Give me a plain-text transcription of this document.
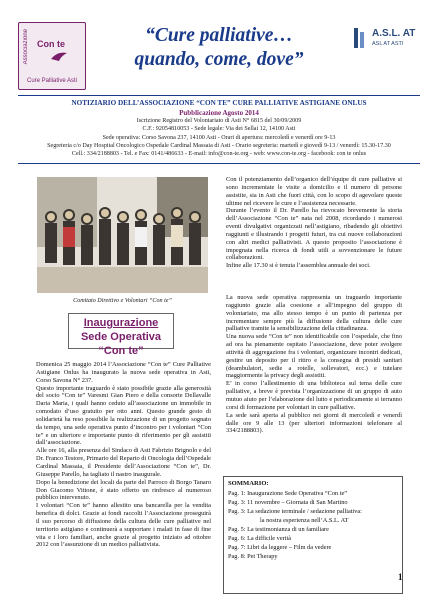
Associazione Con te
Cure Palliative Asti
“Cure palliative…
quando, come, dove”
A.S.L. AT
ASL AT ASTI
NOTIZIARIO DELL’ASSOCIAZIONE “CON TE” CURE PALLIATIVE ASTIGIANE ONLUS
Pubblicazione Agosto 2014
Iscrizione Registro del Volontariato di Asti N° 6815 del 30/09/2009
C.F.: 92054810053 - Sede legale: Via dei Sellai 12, 14100 Asti
Sede operativa: Corso Savona 237, 14100 Asti - Orari di apertura: mercoledì e venerdì ore 9-13
Segreteria c/o Day Hospital Oncologico Ospedale Cardinal Massaia di Asti - Orario segreteria: martedì e giovedì 9-13 / venerdì: 15.30-17.30
Cell.: 334/2188803 - Tel. e Fax: 0141/486633 - E-mail: info@con-te.org - web: www.con-te.org - facebook: con te onlus
Comitato Direttivo e Volontari “Con te”
Inaugurazione
Sede Operativa “Con te”

Domenica 25 maggio 2014 l’Associazione “Con te” Cure Palliative Astigiane Onlus ha inaugurato la nuova sede operativa in Asti, Corso Savona N° 237.

Questo importante traguardo è stato possibile grazie alla generosità del socio “Con te” Varesmi Gian Piero e della consorte Dellavalle Daria Maria, i quali hanno ceduto all’associazione un immobile in comodato d’uso gratuito per otto anni. Questo grande gesto di solidarietà ha reso possibile la realizzazione di un progetto sognato da tempo, una sede operativa punto d’incontro per i volontari “Con te” e un ulteriore e importante punto di riferimento per gli assistiti dall’associazione.

Alle ore 16, alla presenza del Sindaco di Asti Fabrizio Brignolo e del Dr. Franco Testore, Primario del Reparto di Oncologia dell’Ospedale Cardinal Massaia, il Presidente dell’Associazione “Con te”, Dr. Giuseppe Parello, ha tagliato il nastro inaugurale.

Dopo la benedizione dei locali da parte del Parroco di Borgo Tanaro Don Giacomo Vittone, è stato offerto un rinfresco al numeroso pubblico intervenuto.

I volontari “Con te” hanno allestito una bancarella per la vendita benefica di dolci. Grazie ai fondi raccolti l’Associazione proseguirà il suo percorso di diffusione della cultura delle cure palliative nel territorio astigiano e continuerà a supportare i malati in fase di fine vita e i loro familiari, anche grazie al progetto iniziato ad ottobre 2012 con l’assunzione di un medico palliativista.

Con il potenziamento dell’organico dell’équipe di cure palliative si sono incrementate le visite a domicilio e il numero di persone assistite, sia in Asti che fuori città, con lo scopo di agevolare queste ultime nel ricevere le cure e l’assistenza necessarie.

Durante l’evento il Dr. Parello ha rievocato brevemente la storia dell’Associazione “Con te” nata nel 2008, ricordando i numerosi eventi divulgativi organizzati nell’astigiano, ribadendo gli obiettivi raggiunti e illustrando i progetti futuri, tra cui nuove collaborazioni con altri medici palliativisti. A questo proposito l’associazione è impegnata nella ricerca di fondi utili a sovvenzionare le future collaborazioni.

Infine alle 17.30 si è tenuta l’assemblea annuale dei soci.

La nuova sede operativa rappresenta un traguardo importante raggiunto grazie alla coesione e all’impegno del gruppo di volontariato, ma allo stesso tempo è un punto di partenza per incrementare sempre più la diffusione della cultura delle cure palliative tramite la sensibilizzazione della cittadinanza.

Una nuova sede “Con te” non identificabile con l’ospedale, che fino ad ora ha pienamente ospitato l’associazione, deve poter svolgere attività di aggregazione fra i volontari, organizzare incontri dedicati, gestire un deposito per il ritiro e la consegna di presidi sanitari (deambulatori, sedie a rotelle, sollevatori, ecc.) e tutelare maggiormente la privacy degli assistiti.

E’ in corso l’allestimento di una biblioteca sul tema delle cure palliative, a breve è prevista l’organizzazione di un gruppo di auto mutuo aiuto per l’elaborazione del lutto e periodicamente si terranno corsi di formazione per volontari in cure palliative.

La sede sarà aperta al pubblico nei giorni di mercoledì e venerdì dalle ore 9 alle 13 (per ulteriori informazioni telefonare al 334/2188803).

SOMMARIO:
Pag. 1: Inaugurazione Sede Operativa “Con te”
Pag. 3: 11 novembre – Giornata di San Martino
Pag. 3: La sedazione terminale / sedazione palliativa:
la nostra esperienza nell’A.S.L. AT
Pag. 5: La testimonianza di un familiare
Pag. 6: La difficile verità
Pag. 7: Libri da leggere – Film da vedere
Pag. 8: Pet Therapy
1
